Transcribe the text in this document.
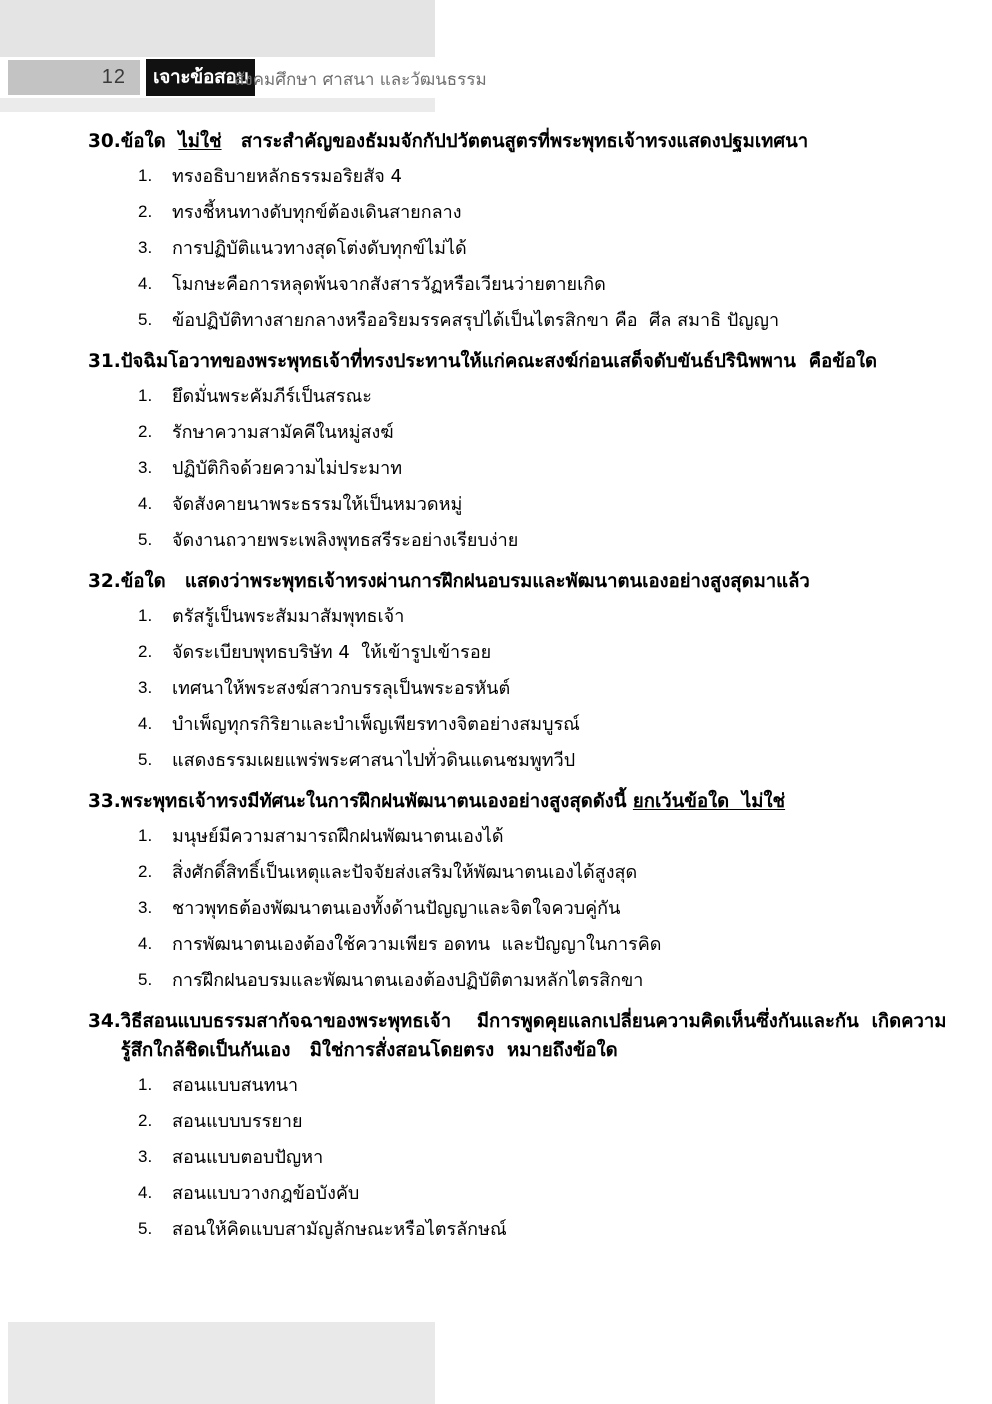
12 เจาะข้อสอบ
สังคมศึกษา ศาสนา และวัฒนธรรม
30. ข้อใด  ไม่ใช่   สาระสำคัญของธัมมจักกัปปวัตตนสูตรที่พระพุทธเจ้าทรงแสดงปฐมเทศนา
1.	ทรงอธิบายหลักธรรมอริยสัจ 4
2.	ทรงชี้หนทางดับทุกข์ต้องเดินสายกลาง
3.	การปฏิบัติแนวทางสุดโต่งดับทุกข์ไม่ได้
4.	โมกษะคือการหลุดพ้นจากสังสารวัฏหรือเวียนว่ายตายเกิด
5.	ข้อปฏิบัติทางสายกลางหรืออริยมรรคสรุปได้เป็นไตรสิกขา คือ  ศีล สมาธิ ปัญญา
31. ปัจฉิมโอวาทของพระพุทธเจ้าที่ทรงประทานให้แก่คณะสงฆ์ก่อนเสด็จดับขันธ์ปรินิพพาน  คือข้อใด
1.	ยึดมั่นพระคัมภีร์เป็นสรณะ
2.	รักษาความสามัคคีในหมู่สงฆ์
3.	ปฏิบัติกิจด้วยความไม่ประมาท
4.	จัดสังคายนาพระธรรมให้เป็นหมวดหมู่
5.	จัดงานถวายพระเพลิงพุทธสรีระอย่างเรียบง่าย
32. ข้อใด   แสดงว่าพระพุทธเจ้าทรงผ่านการฝึกฝนอบรมและพัฒนาตนเองอย่างสูงสุดมาแล้ว
1.	ตรัสรู้เป็นพระสัมมาสัมพุทธเจ้า
2.	จัดระเบียบพุทธบริษัท 4  ให้เข้ารูปเข้ารอย
3.	เทศนาให้พระสงฆ์สาวกบรรลุเป็นพระอรหันต์
4.	บำเพ็ญทุกรกิริยาและบำเพ็ญเพียรทางจิตอย่างสมบูรณ์
5.	แสดงธรรมเผยแพร่พระศาสนาไปทั่วดินแดนชมพูทวีป
33. พระพุทธเจ้าทรงมีทัศนะในการฝึกฝนพัฒนาตนเองอย่างสูงสุดดังนี้ ยกเว้นข้อใด  ไม่ใช่
1.	มนุษย์มีความสามารถฝึกฝนพัฒนาตนเองได้
2.	สิ่งศักดิ์สิทธิ์เป็นเหตุและปัจจัยส่งเสริมให้พัฒนาตนเองได้สูงสุด
3.	ชาวพุทธต้องพัฒนาตนเองทั้งด้านปัญญาและจิตใจควบคู่กัน
4.	การพัฒนาตนเองต้องใช้ความเพียร อดทน  และปัญญาในการคิด
5.	การฝึกฝนอบรมและพัฒนาตนเองต้องปฏิบัติตามหลักไตรสิกขา
34. วิธีสอนแบบธรรมสากัจฉาของพระพุทธเจ้า    มีการพูดคุยแลกเปลี่ยนความคิดเห็นซึ่งกันและกัน  เกิดความรู้สึกใกล้ชิดเป็นกันเอง   มิใช่การสั่งสอนโดยตรง  หมายถึงข้อใด
1.	สอนแบบสนทนา
2.	สอนแบบบรรยาย
3.	สอนแบบตอบปัญหา
4.	สอนแบบวางกฎข้อบังคับ
5.	สอนให้คิดแบบสามัญลักษณะหรือไตรลักษณ์
